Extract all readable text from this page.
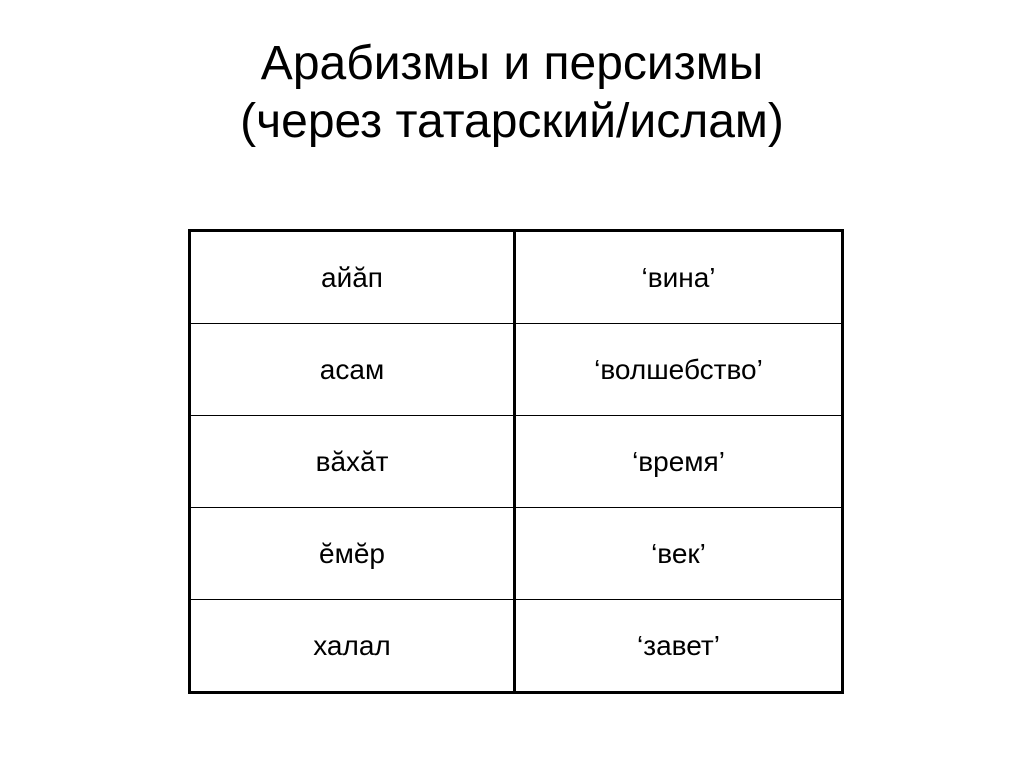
Арабизмы и персизмы
(через татарский/ислам)
айăп	‘вина’
асам	‘волшебство’
вăхăт	‘время’
ĕмĕр	‘век’
халал	‘завет’
